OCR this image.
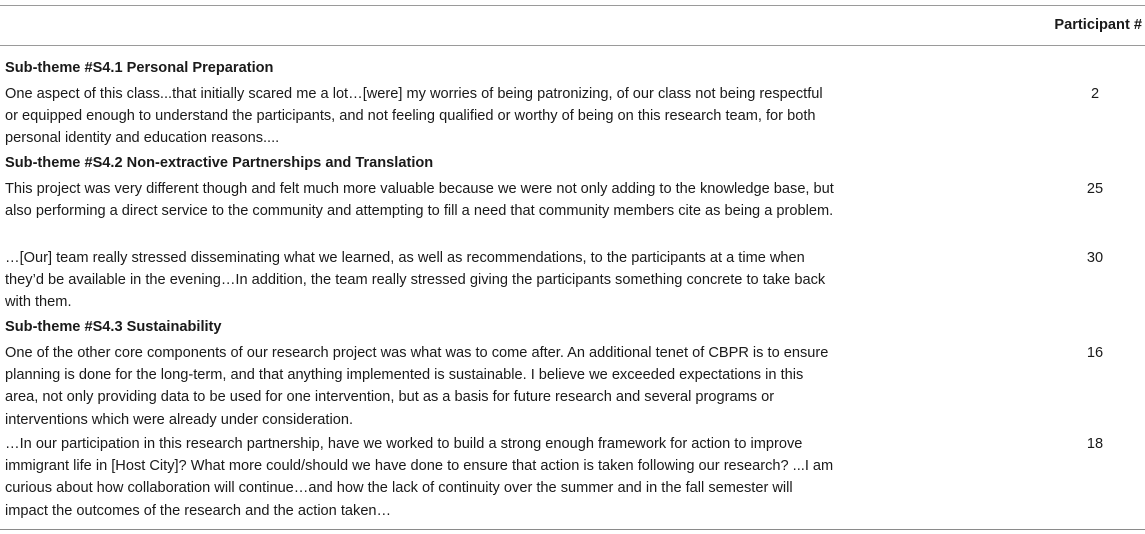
Participant #
Sub-theme #S4.1 Personal Preparation
One aspect of this class...that initially scared me a lot…[were] my worries of being patronizing, of our class not being respectful or equipped enough to understand the participants, and not feeling qualified or worthy of being on this research team, for both personal identity and education reasons....
2
Sub-theme #S4.2 Non-extractive Partnerships and Translation
This project was very different though and felt much more valuable because we were not only adding to the knowledge base, but also performing a direct service to the community and attempting to fill a need that community members cite as being a problem.
25
…[Our] team really stressed disseminating what we learned, as well as recommendations, to the participants at a time when they’d be available in the evening…In addition, the team really stressed giving the participants something concrete to take back with them.
30
Sub-theme #S4.3 Sustainability
One of the other core components of our research project was what was to come after. An additional tenet of CBPR is to ensure planning is done for the long-term, and that anything implemented is sustainable. I believe we exceeded expectations in this area, not only providing data to be used for one intervention, but as a basis for future research and several programs or interventions which were already under consideration.
16
…In our participation in this research partnership, have we worked to build a strong enough framework for action to improve immigrant life in [Host City]? What more could/should we have done to ensure that action is taken following our research? ...I am curious about how collaboration will continue…and how the lack of continuity over the summer and in the fall semester will impact the outcomes of the research and the action taken…
18
